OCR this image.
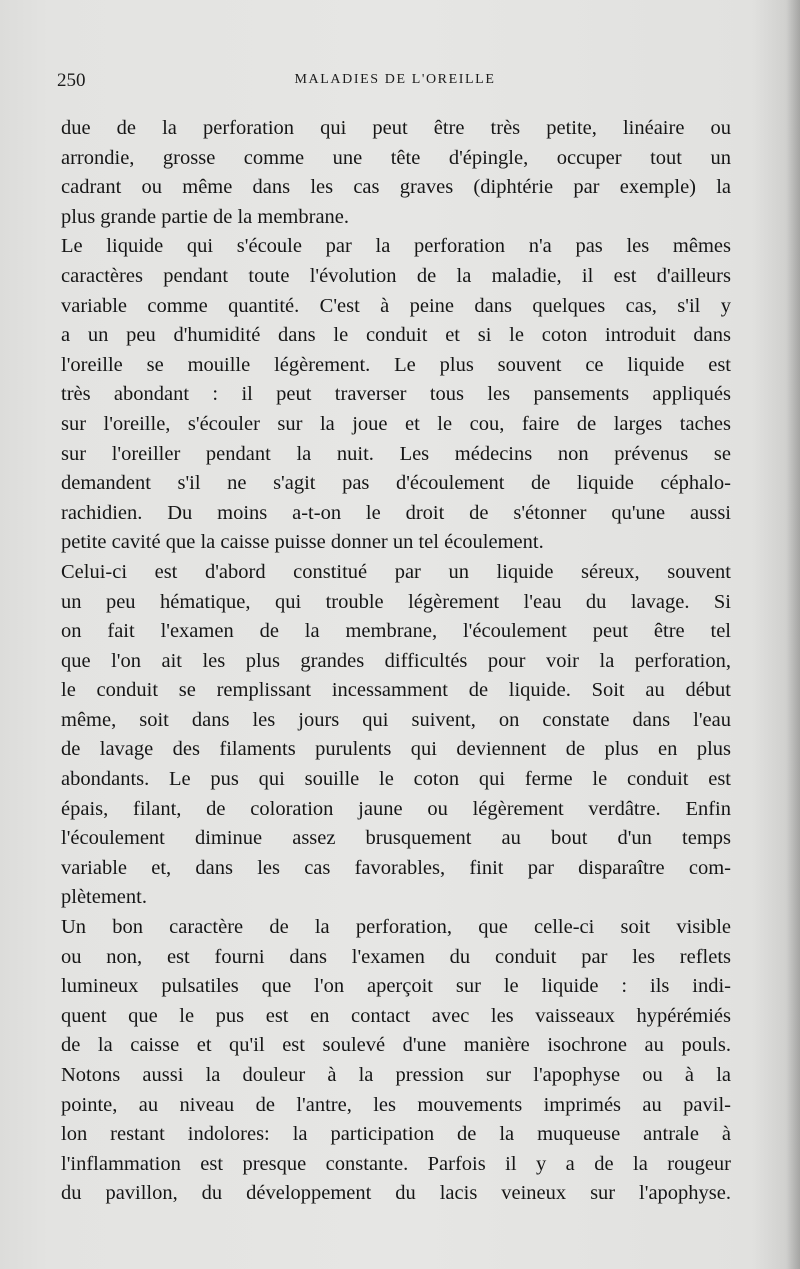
250	MALADIES DE L'OREILLE
due de la perforation qui peut être très petite, linéaire ou
arrondie, grosse comme une tête d'épingle, occuper tout un
cadrant ou même dans les cas graves (diphtérie par exemple) la
plus grande partie de la membrane.
Le liquide qui s'écoule par la perforation n'a pas les mêmes
caractères pendant toute l'évolution de la maladie, il est d'ailleurs
variable comme quantité. C'est à peine dans quelques cas, s'il y
a un peu d'humidité dans le conduit et si le coton introduit dans
l'oreille se mouille légèrement. Le plus souvent ce liquide est
très abondant : il peut traverser tous les pansements appliqués
sur l'oreille, s'écouler sur la joue et le cou, faire de larges taches
sur l'oreiller pendant la nuit. Les médecins non prévenus se
demandent s'il ne s'agit pas d'écoulement de liquide céphalo-
rachidien. Du moins a-t-on le droit de s'étonner qu'une aussi
petite cavité que la caisse puisse donner un tel écoulement.
Celui-ci est d'abord constitué par un liquide séreux, souvent
un peu hématique, qui trouble légèrement l'eau du lavage. Si
on fait l'examen de la membrane, l'écoulement peut être tel
que l'on ait les plus grandes difficultés pour voir la perforation,
le conduit se remplissant incessamment de liquide. Soit au début
même, soit dans les jours qui suivent, on constate dans l'eau
de lavage des filaments purulents qui deviennent de plus en plus
abondants. Le pus qui souille le coton qui ferme le conduit est
épais, filant, de coloration jaune ou légèrement verdâtre. Enfin
l'écoulement diminue assez brusquement au bout d'un temps
variable et, dans les cas favorables, finit par disparaître com-
plètement.
Un bon caractère de la perforation, que celle-ci soit visible
ou non, est fourni dans l'examen du conduit par les reflets
lumineux pulsatiles que l'on aperçoit sur le liquide : ils indi-
quent que le pus est en contact avec les vaisseaux hypérémiés
de la caisse et qu'il est soulevé d'une manière isochrone au pouls.
Notons aussi la douleur à la pression sur l'apophyse ou à la
pointe, au niveau de l'antre, les mouvements imprimés au pavil-
lon restant indolores: la participation de la muqueuse antrale à
l'inflammation est presque constante. Parfois il y a de la rougeur
du pavillon, du développement du lacis veineux sur l'apophyse.
